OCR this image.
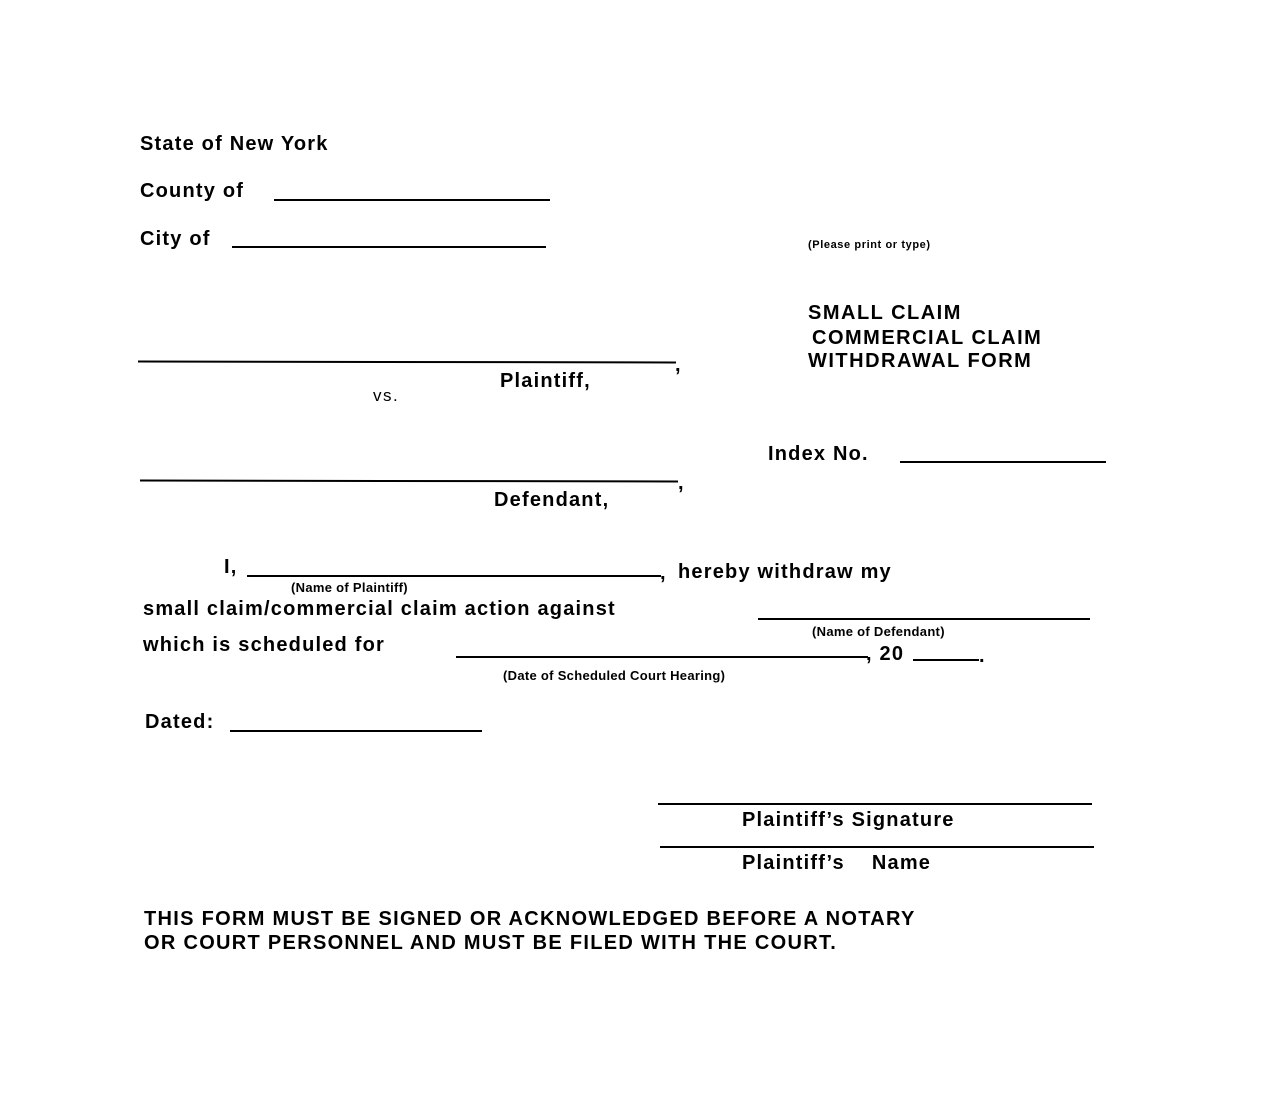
State of New York
County of
City of	(Please print or type)
SMALL CLAIM
COMMERCIAL CLAIM
WITHDRAWAL FORM
,
Plaintiff,
vs.
Index No.
,
Defendant,
I,	, hereby withdraw my
(Name of Plaintiff)
small claim/commercial claim action against
(Name of Defendant)
which is scheduled for	, 20	.
(Date of Scheduled Court Hearing)
Dated:
Plaintiff’s Signature
Plaintiff’s    Name
THIS FORM MUST BE SIGNED OR ACKNOWLEDGED BEFORE A NOTARY
OR COURT PERSONNEL AND MUST BE FILED WITH THE COURT.
